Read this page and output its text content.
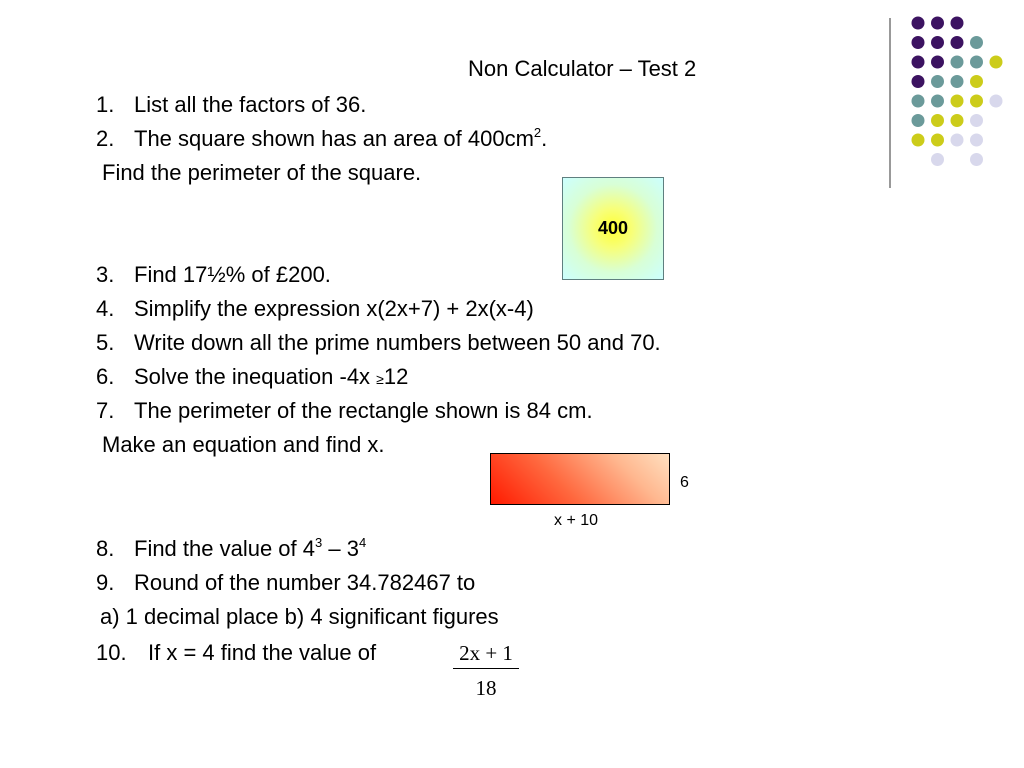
Non Calculator – Test 2
1. List all the factors of 36.
2. The square shown has an area of $400cm^2$.
Find the perimeter of the square.
400
3. Find 17½% of £200.
4. Simplify the expression x(2x+7) + 2x(x-4)
5. Write down all the prime numbers between 50 and 70.
6. Solve the inequation -4x ≥12
7. The perimeter of the rectangle shown is 84 cm.
Make an equation and find x.
6
x + 10
8. Find the value of $4^3 - 3^4$
9. Round of the number 34.782467 to
a) 1 decimal place b) 4 significant figures
10. If x = 4 find the value of	2x + 1
18
